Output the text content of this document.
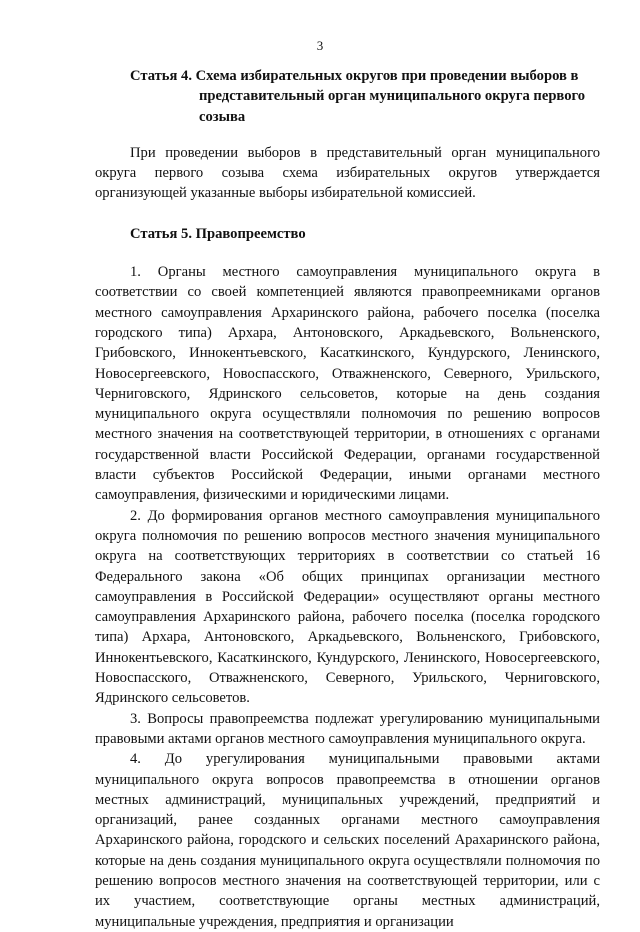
3

Статья 4. Схема избирательных округов при проведении выборов в представительный орган муниципального округа первого созыва

При проведении выборов в представительный орган муниципального округа первого созыва схема избирательных округов утверждается организующей указанные выборы избирательной комиссией.

Статья 5. Правопреемство

1. Органы местного самоуправления муниципального округа в соответствии со своей компетенцией являются правопреемниками органов местного самоуправления Архаринского района, рабочего поселка (поселка городского типа) Архара, Антоновского, Аркадьевского, Вольненского, Грибовского, Иннокентьевского, Касаткинского, Кундурского, Ленинского, Новосергеевского, Новоспасского, Отважненского, Северного, Урильского, Черниговского, Ядринского сельсоветов, которые на день создания муниципального округа осуществляли полномочия по решению вопросов местного значения на соответствующей территории, в отношениях с органами государственной власти Российской Федерации, органами государственной власти субъектов Российской Федерации, иными органами местного самоуправления, физическими и юридическими лицами.

2. До формирования органов местного самоуправления муниципального округа полномочия по решению вопросов местного значения муниципального округа на соответствующих территориях в соответствии со статьей 16 Федерального закона «Об общих принципах организации местного самоуправления в Российской Федерации» осуществляют органы местного самоуправления Архаринского района, рабочего поселка (поселка городского типа) Архара, Антоновского, Аркадьевского, Вольненского, Грибовского, Иннокентьевского, Касаткинского, Кундурского, Ленинского, Новосергеевского, Новоспасского, Отважненского, Северного, Урильского, Черниговского, Ядринского сельсоветов.

3. Вопросы правопреемства подлежат урегулированию муниципальными правовыми актами органов местного самоуправления муниципального округа.

4. До урегулирования муниципальными правовыми актами муниципального округа вопросов правопреемства в отношении органов местных администраций, муниципальных учреждений, предприятий и организаций, ранее созданных органами местного самоуправления Архаринского района, городского и сельских поселений Арахаринского района, которые на день создания муниципального округа осуществляли полномочия по решению вопросов местного значения на соответствующей территории, или с их участием, соответствующие органы местных администраций, муниципальные учреждения, предприятия и организации
